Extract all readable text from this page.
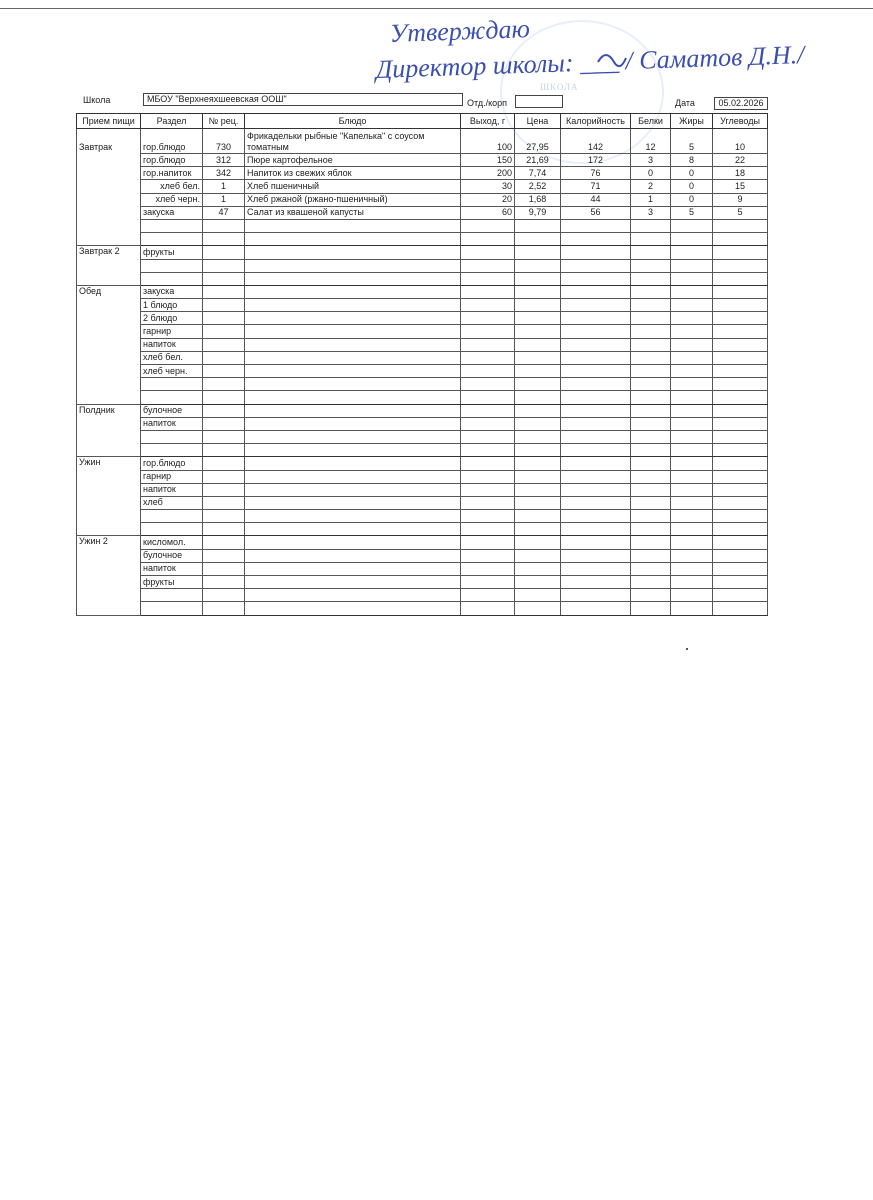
ШКОЛА
Утверждаю
Директор школы: ___ / Саматов Д.Н./
Школа	МБОУ "Верхнеяхшеевская ООШ"	Отд./корп	Дата	05.02.2026
Прием пищи	Раздел	№ рец.	Блюдо	Выход, г	Цена	Калорийность	Белки	Жиры	Углеводы
Завтрак	гор.блюдо	730	Фрикадельки рыбные "Капелька" с соусом томатным	100	27,95	142	12	5	10
	гор.блюдо	312	Пюре картофельное	150	21,69	172	3	8	22
	гор.напиток	342	Напиток из свежих яблок	200	7,74	76	0	0	18
	хлеб бел.	1	Хлеб пшеничный	30	2,52	71	2	0	15
	хлеб черн.	1	Хлеб ржаной (ржано-пшеничный)	20	1,68	44	1	0	9
	закуска	47	Салат из квашеной капусты	60	9,79	56	3	5	5

Завтрак 2	фрукты								

Обед	закуска								
	1 блюдо								
	2 блюдо								
	гарнир								
	напиток								
	хлеб бел.								
	хлеб черн.								

Полдник	булочное								
	напиток								

Ужин	гор.блюдо								
	гарнир								
	напиток								
	хлеб								

Ужин 2	кисломол.								
	булочное								
	напиток								
	фрукты								
